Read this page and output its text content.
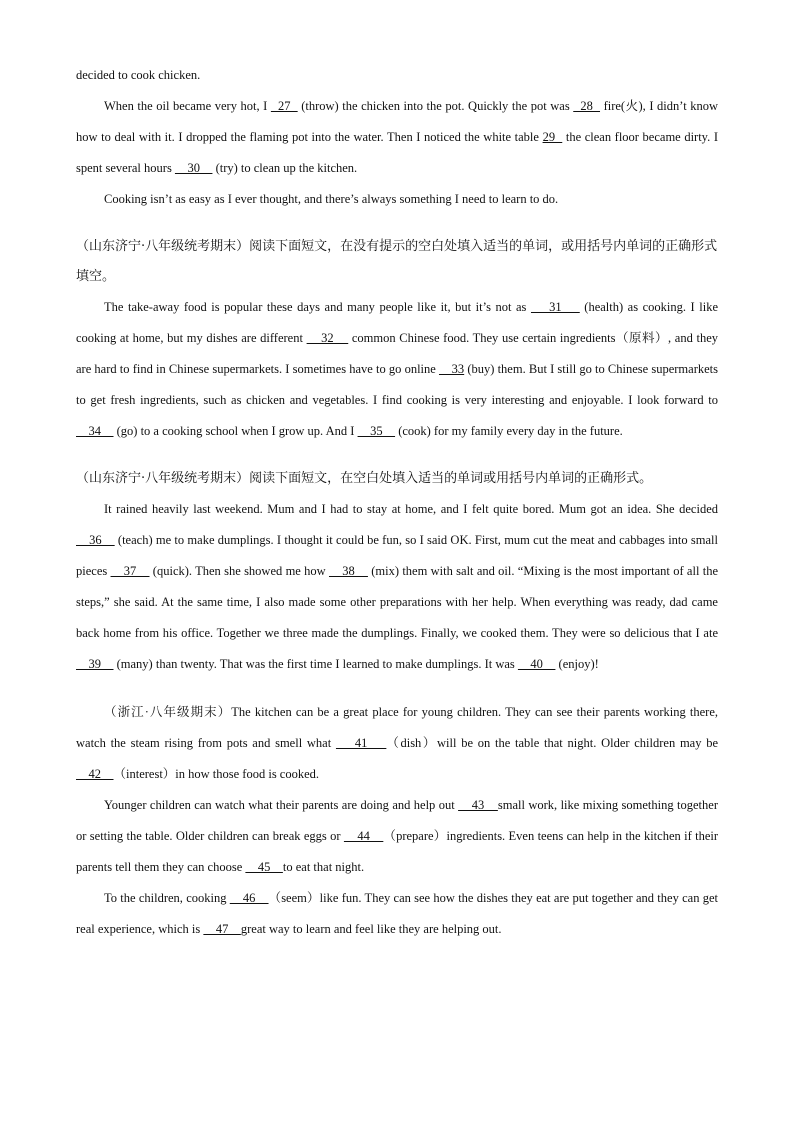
decided to cook chicken.

When the oil became very hot, I   27   (throw) the chicken into the pot. Quickly the pot was   28   fire(火), I didn’t know how to deal with it. I dropped the flaming pot into the water. Then I noticed the white table 29   the clean floor became dirty. I spent several hours     30     (try) to clean up the kitchen.

Cooking isn’t as easy as I ever thought, and there’s always something I need to learn to do.

（山东济宁·八年级统考期末）阅读下面短文，在没有提示的空白处填入适当的单词，或用括号内单词的正确形式填空。

The take-away food is popular these days and many people like it, but it’s not as     31     (health) as cooking. I like cooking at home, but my dishes are different     32     common Chinese food. They use certain ingredients（原料）, and they are hard to find in Chinese supermarkets. I sometimes have to go online     33 (buy) them. But I still go to Chinese supermarkets to get fresh ingredients, such as chicken and vegetables. I find cooking is very interesting and enjoyable. I look forward to     34     (go) to a cooking school when I grow up. And I     35     (cook) for my family every day in the future.

（山东济宁·八年级统考期末）阅读下面短文，在空白处填入适当的单词或用括号内单词的正确形式。

It rained heavily last weekend. Mum and I had to stay at home, and I felt quite bored. Mum got an idea. She decided     36     (teach) me to make dumplings. I thought it could be fun, so I said OK. First, mum cut the meat and cabbages into small pieces     37     (quick). Then she showed me how     38     (mix) them with salt and oil. “Mixing is the most important of all the steps,” she said. At the same time, I also made some other preparations with her help. When everything was ready, dad came back home from his office. Together we three made the dumplings. Finally, we cooked them. They were so delicious that I ate     39     (many) than twenty. That was the first time I learned to make dumplings. It was     40     (enjoy)!

（浙江·八年级期末）The kitchen can be a great place for young children. They can see their parents working there, watch the steam rising from pots and smell what     41    （dish）will be on the table that night. Older children may be     42    （interest）in how those food is cooked.

Younger children can watch what their parents are doing and help out     43    small work, like mixing something together or setting the table. Older children can break eggs or     44    （prepare）ingredients. Even teens can help in the kitchen if their parents tell them they can choose     45    to eat that night.

To the children, cooking     46    （seem）like fun. They can see how the dishes they eat are put together and they can get real experience, which is     47    great way to learn and feel like they are helping out.
